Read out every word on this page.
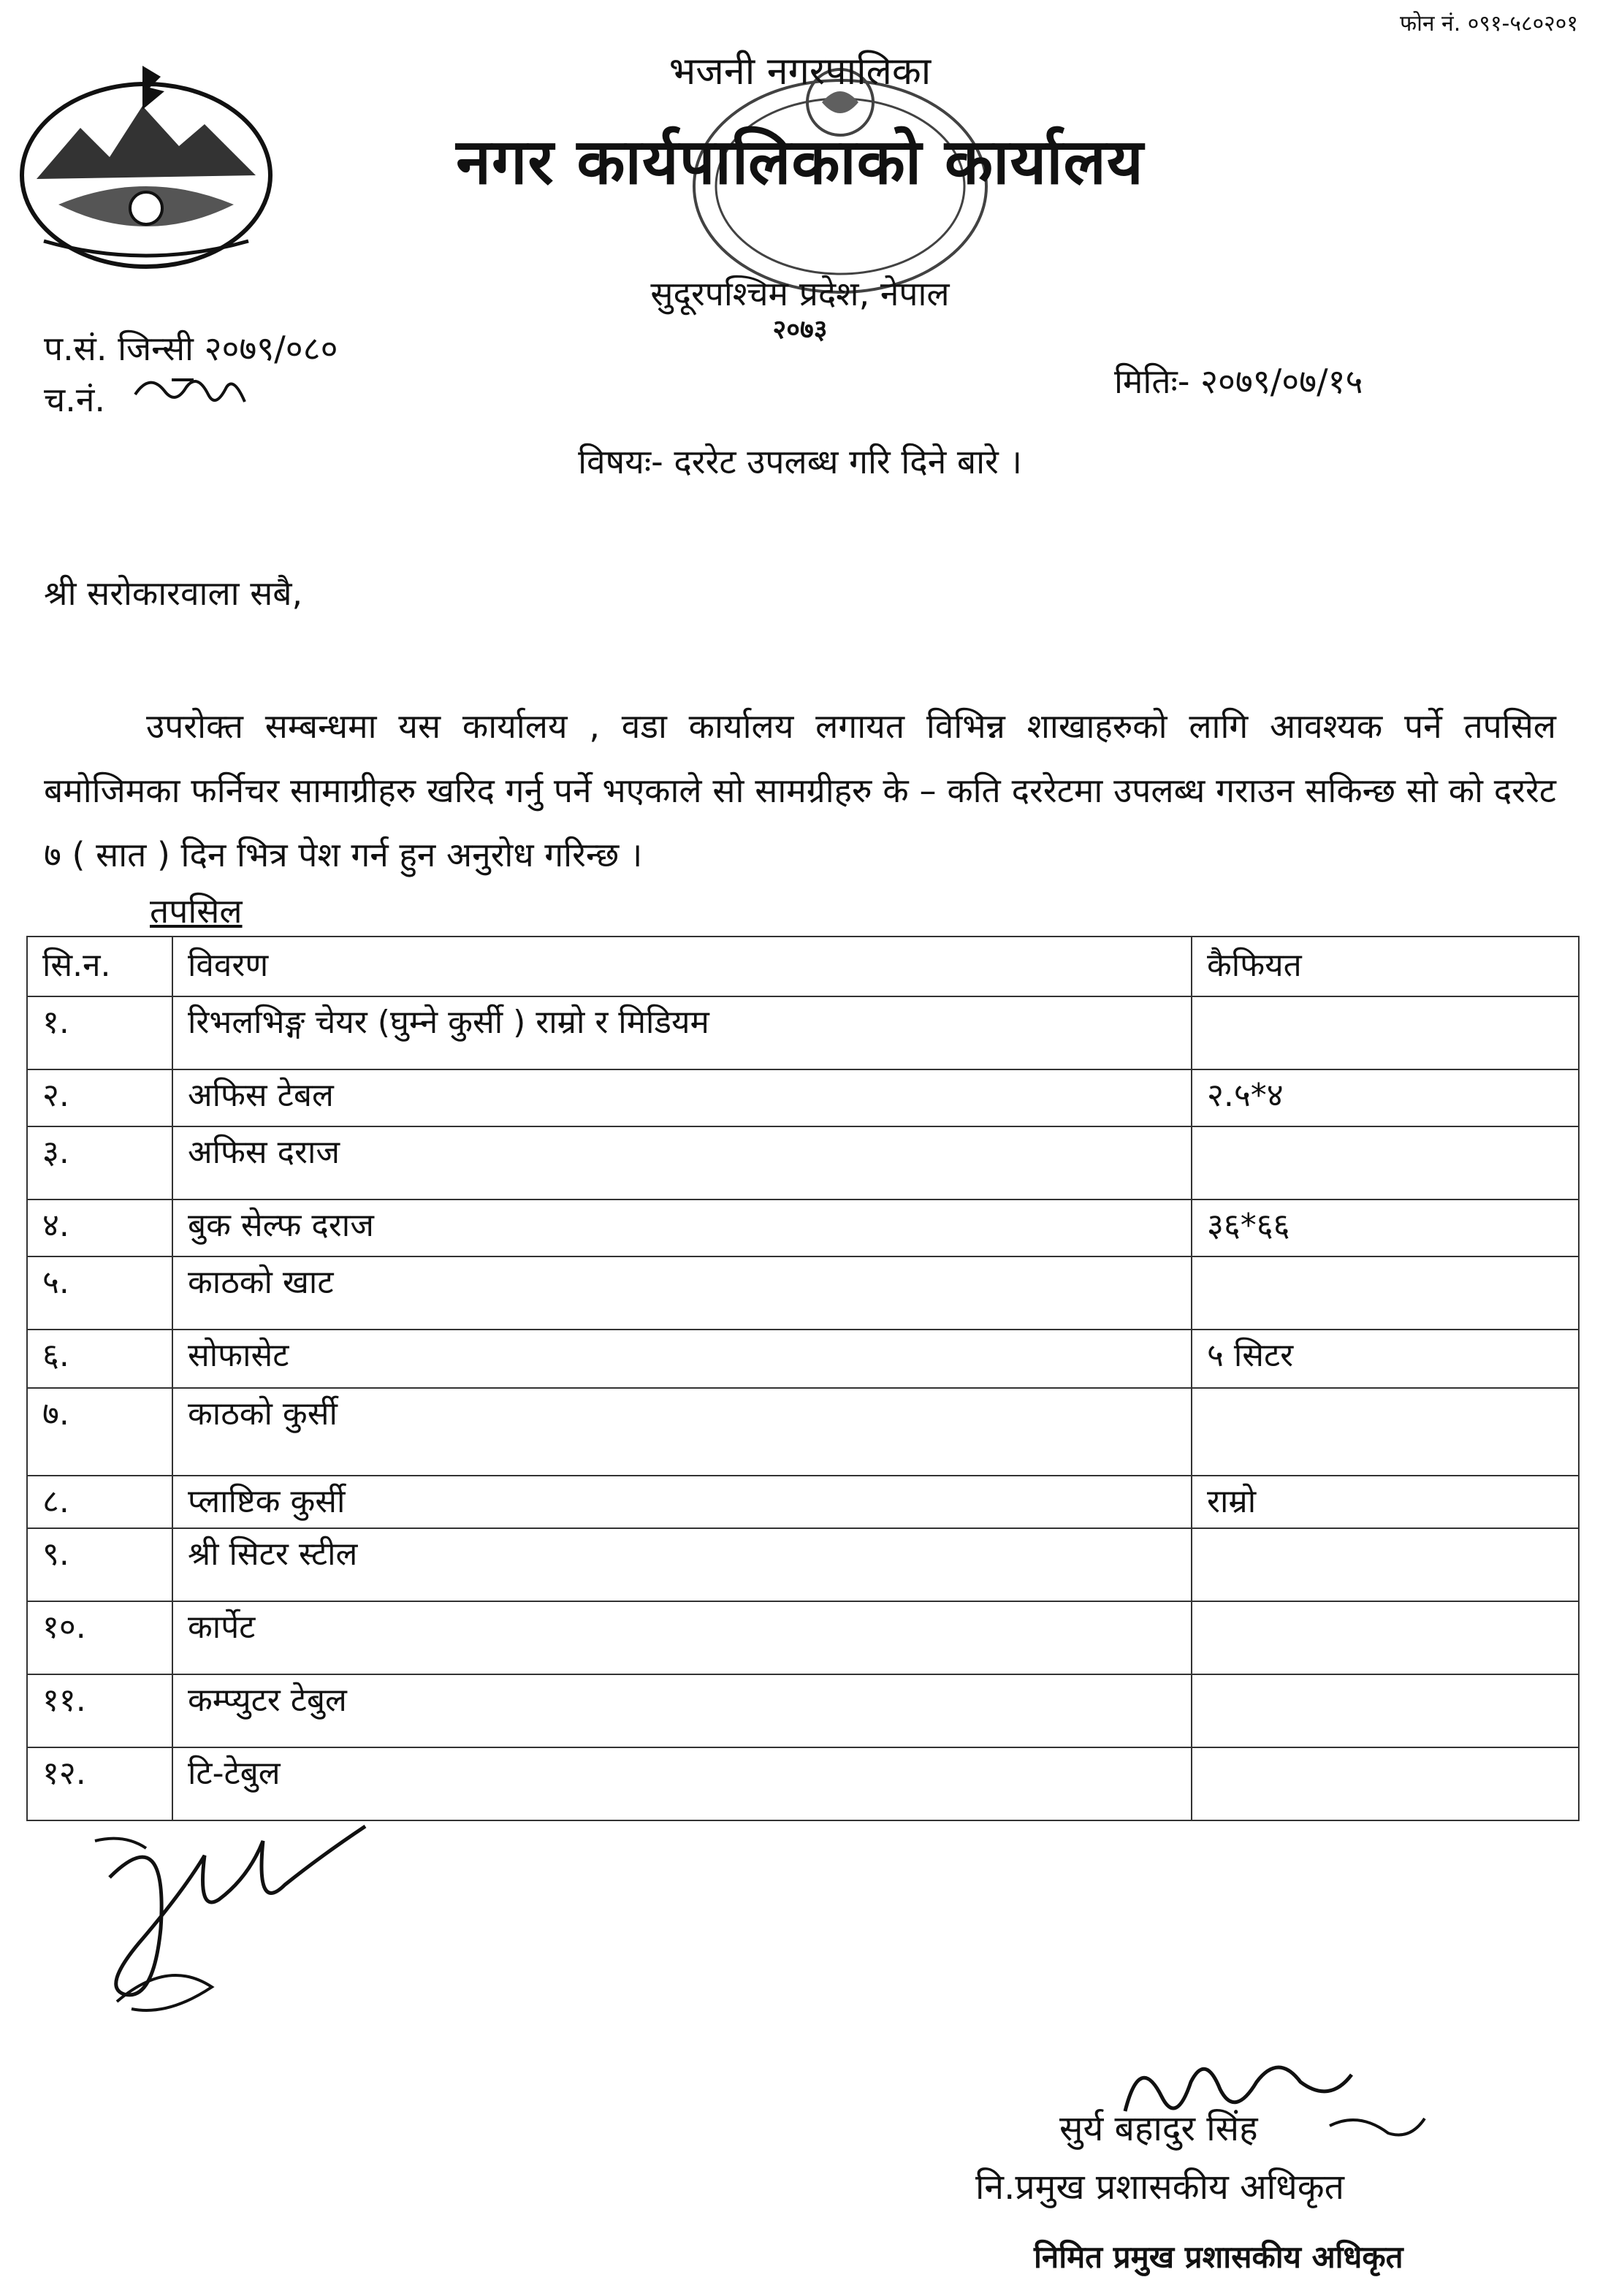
फोन नं. ०९१-५८०२०१
भजनी नगरपालिका
नगर कार्यपालिकाको कार्यालय
सुदूरपश्चिम प्रदेश, नेपाल
२०७३
प.सं. जिन्सी २०७९/०८०
च.नं.	मितिः- २०७९/०७/१५
विषयः- दररेट उपलब्ध गरि दिने बारे ।
श्री सरोकारवाला सबै,
उपरोक्त सम्बन्धमा यस कार्यालय , वडा कार्यालय लगायत विभिन्न शाखाहरुको लागि आवश्यक पर्ने तपसिल बमोजिमका फर्निचर सामाग्रीहरु खरिद गर्नु पर्ने भएकाले सो सामग्रीहरु के – कति दररेटमा उपलब्ध गराउन सकिन्छ सो को दररेट ७ ( सात ) दिन भित्र पेश गर्न हुन अनुरोध गरिन्छ ।
तपसिल
सि.न.	विवरण	कैफियत
१.	रिभलभिङ्ग चेयर (घुम्ने कुर्सी ) राम्रो र मिडियम	
२.	अफिस टेबल	२.५*४
३.	अफिस दराज	
४.	बुक सेल्फ दराज	३६*६६
५.	काठको खाट	
६.	सोफासेट	५ सिटर
७.	काठको कुर्सी	
८.	प्लाष्टिक कुर्सी	राम्रो
९.	श्री सिटर स्टील	
१०.	कार्पेट	
११.	कम्प्युटर टेबुल	
१२.	टि-टेबुल	
सुर्य बहादुर सिंह
नि.प्रमुख प्रशासकीय अधिकृत
निमित प्रमुख प्रशासकीय अधिकृत
